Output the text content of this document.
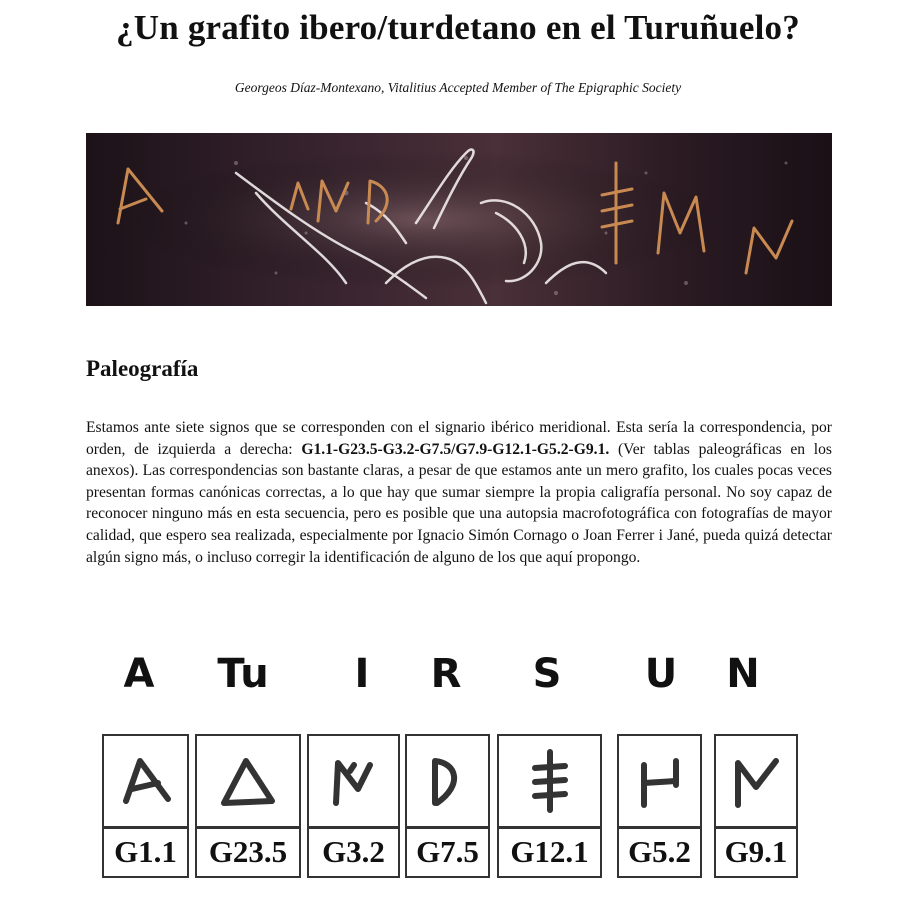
¿Un grafito ibero/turdetano en el Turuñuelo?
Georgeos Díaz-Montexano, Vitalitius Accepted Member of The Epigraphic Society
Paleografía

Estamos ante siete signos que se corresponden con el signario ibérico meridional. Esta sería la correspondencia, por orden, de izquierda a derecha: G1.1-G23.5-G3.2-G7.5/G7.9-G12.1-G5.2-G9.1. (Ver tablas paleográficas en los anexos). Las correspondencias son bastante claras, a pesar de que estamos ante un mero grafito, los cuales pocas veces presentan formas canónicas correctas, a lo que hay que sumar siempre la propia caligrafía personal. No soy capaz de reconocer ninguno más en esta secuencia, pero es posible que una autopsia macrofotográfica con fotografías de mayor calidad, que espero sea realizada, especialmente por Ignacio Simón Cornago o Joan Ferrer i Jané, pueda quizá detectar algún signo más, o incluso corregir la identificación de alguno de los que aquí propongo.

A Tu I R S U N
G1.1	G23.5	G3.2	G7.5	G12.1	G5.2	G9.1
